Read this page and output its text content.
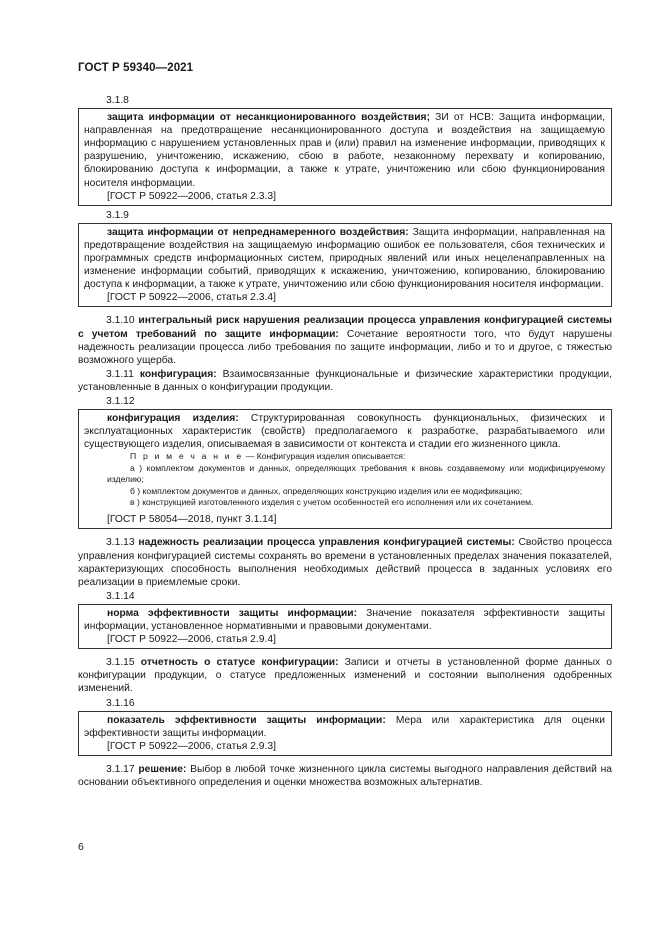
ГОСТ Р 59340—2021

3.1.8

защита информации от несанкционированного воздействия; ЗИ от НСВ: Защита информации, направленная на предотвращение несанкционированного доступа и воздействия на защищаемую информацию с нарушением установленных прав и (или) правил на изменение информации, приводящих к разрушению, уничтожению, искажению, сбою в работе, незаконному перехвату и копированию, блокированию доступа к информации, а также к утрате, уничтожению или сбою функционирования носителя информации.

[ГОСТ Р 50922—2006, статья 2.3.3]

3.1.9

защита информации от непреднамеренного воздействия: Защита информации, направленная на предотвращение воздействия на защищаемую информацию ошибок ее пользователя, сбоя технических и программных средств информационных систем, природных явлений или иных нецеленаправленных на изменение информации событий, приводящих к искажению, уничтожению, копированию, блокированию доступа к информации, а также к утрате, уничтожению или сбою функционирования носителя информации.

[ГОСТ Р 50922—2006, статья 2.3.4]

3.1.10 интегральный риск нарушения реализации процесса управления конфигурацией системы с учетом требований по защите информации: Сочетание вероятности того, что будут нарушены надежность реализации процесса либо требования по защите информации, либо и то и другое, с тяжестью возможного ущерба.

3.1.11 конфигурация: Взаимосвязанные функциональные и физические характеристики продукции, установленные в данных о конфигурации продукции.

3.1.12

конфигурация изделия: Структурированная совокупность функциональных, физических и эксплуатационных характеристик (свойств) предполагаемого к разработке, разрабатываемого или существующего изделия, описываемая в зависимости от контекста и стадии его жизненного цикла.

П р и м е ч а н и е — Конфигурация изделия описывается:

а ) комплектом документов и данных, определяющих требования к вновь создаваемому или модифицируемому изделию;

б ) комплектом документов и данных, определяющих конструкцию изделия или ее модификацию;

в ) конструкцией изготовленного изделия с учетом особенностей его исполнения или их сочетанием.

[ГОСТ Р 58054—2018, пункт 3.1.14]

3.1.13 надежность реализации процесса управления конфигурацией системы: Свойство процесса управления конфигурацией системы сохранять во времени в установленных пределах значения показателей, характеризующих способность выполнения необходимых действий процесса в заданных условиях его реализации в приемлемые сроки.

3.1.14

норма эффективности защиты информации: Значение показателя эффективности защиты информации, установленное нормативными и правовыми документами.

[ГОСТ Р 50922—2006, статья 2.9.4]

3.1.15 отчетность о статусе конфигурации: Записи и отчеты в установленной форме данных о конфигурации продукции, о статусе предложенных изменений и состоянии выполнения одобренных изменений.

3.1.16

показатель эффективности защиты информации: Мера или характеристика для оценки эффективности защиты информации.

[ГОСТ Р 50922—2006, статья 2.9.3]

3.1.17 решение: Выбор в любой точке жизненного цикла системы выгодного направления действий на основании объективного определения и оценки множества возможных альтернатив.

6
